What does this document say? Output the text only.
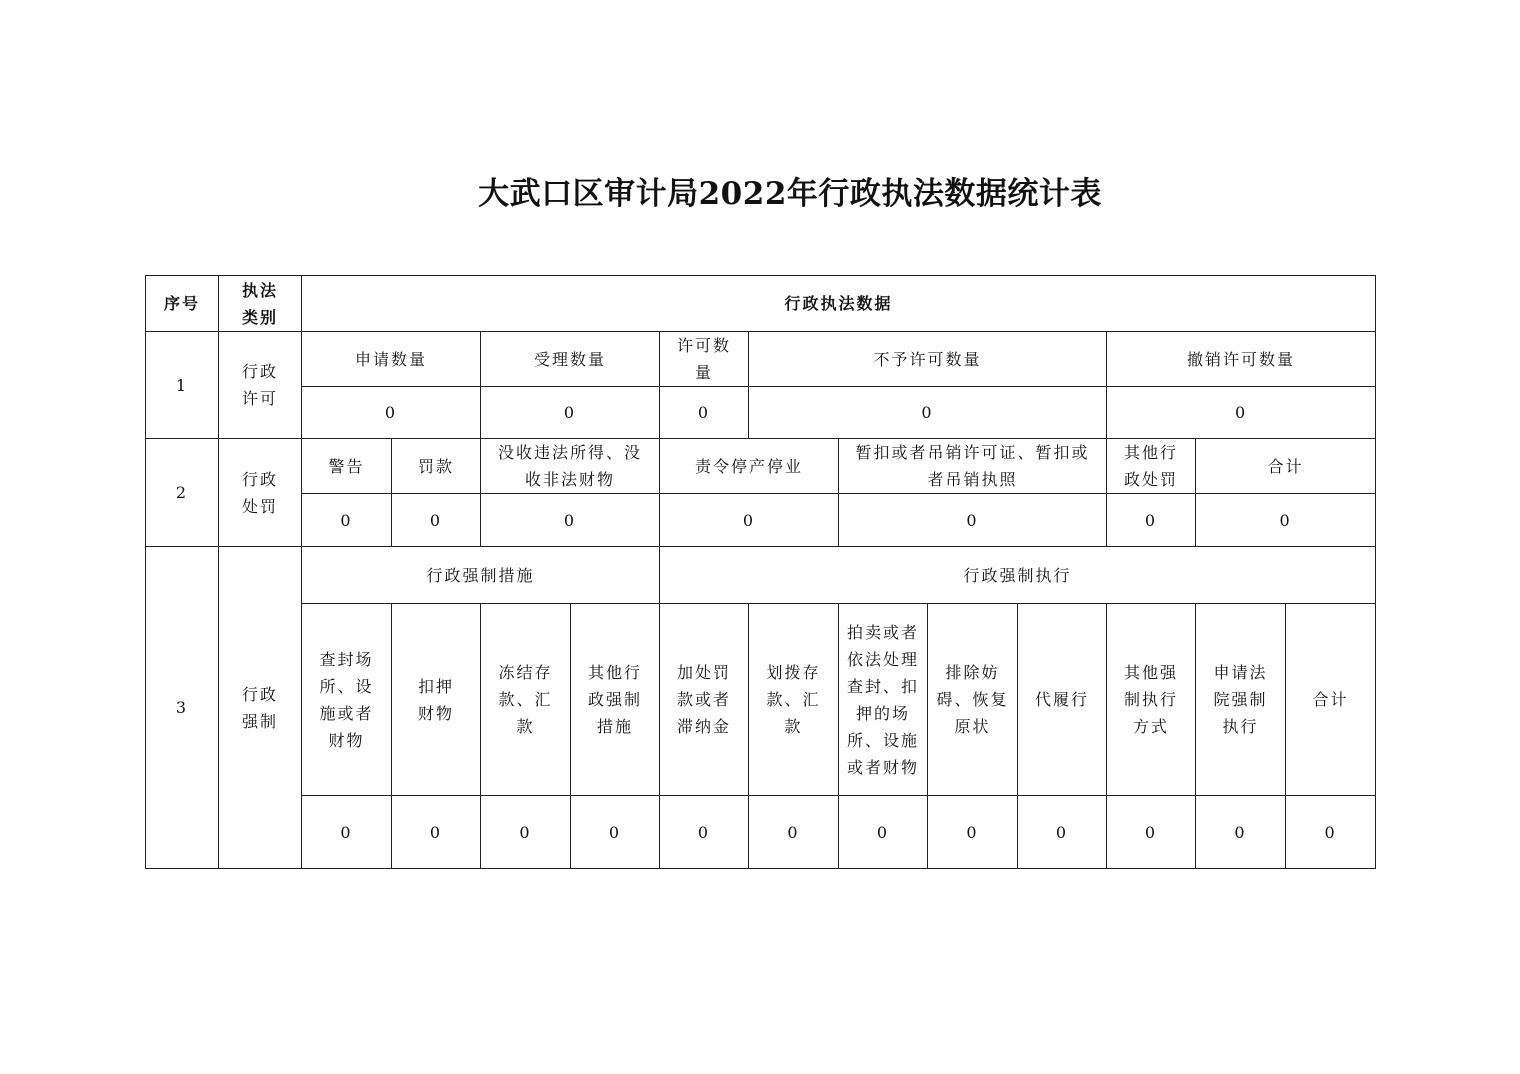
大武口区审计局2022年行政执法数据统计表
序号	执法类别	行政执法数据											
1	行政许可	申请数量		受理数量		许可数量	不予许可数量				撤销许可数量		
		0		0		0	0				0		
2	行政处罚	警告	罚款	没收违法所得、没收非法财物		责令停产停业		暂扣或者吊销许可证、暂扣或者吊销执照			其他行政处罚	合计	
		0	0	0		0		0			0	0	
3	行政强制	行政强制措施				行政强制执行							
		查封场所、设施或者财物	扣押财物	冻结存款、汇款	其他行政强制措施	加处罚款或者滞纳金	划拨存款、汇款	拍卖或者依法处理查封、扣押的场所、设施或者财物	排除妨碍、恢复原状	代履行	其他强制执行方式	申请法院强制执行	合计
		0	0	0	0	0	0	0	0	0	0	0	0
